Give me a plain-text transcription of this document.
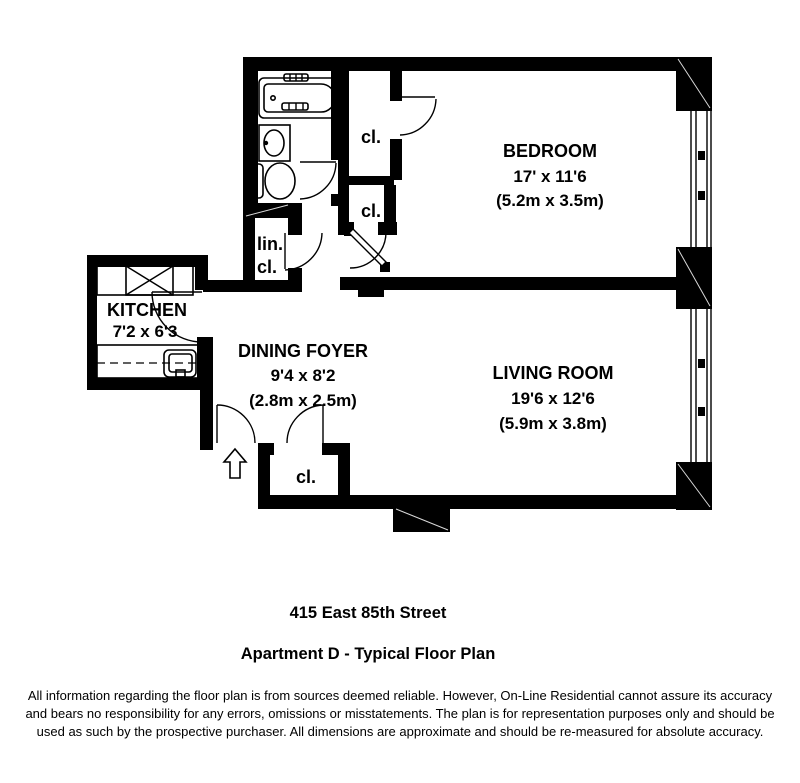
BEDROOM
17' x 11'6
(5.2m x 3.5m)
LIVING ROOM
19'6 x 12'6
(5.9m x 3.8m)
DINING FOYER
9'4 x 8'2
(2.8m x 2.5m)
KITCHEN
7'2 x 6'3
lin.
cl.
cl.
cl.
cl.
415 East 85th Street
Apartment D - Typical Floor Plan
All information regarding the floor plan is from sources deemed reliable. However, On-Line Residential cannot assure its accuracy
and bears no responsibility for any errors, omissions or misstatements. The plan is for representation purposes only and should be
used as such by the prospective purchaser. All dimensions are approximate and should be re-measured for absolute accuracy.
